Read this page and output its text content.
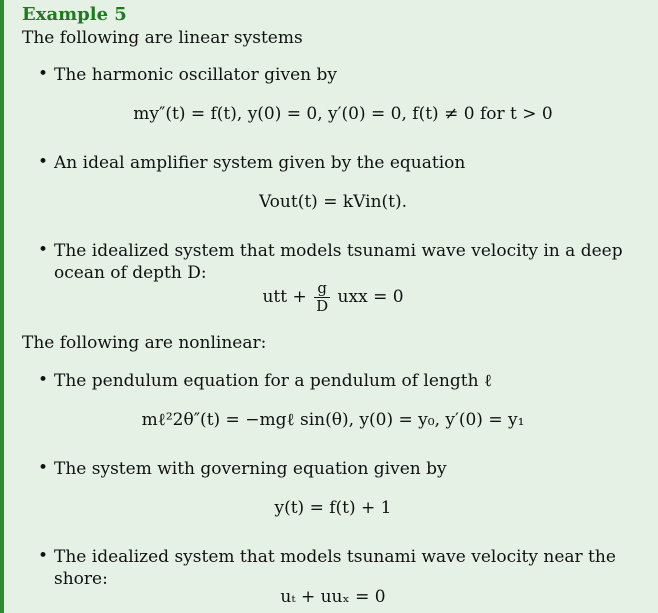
Example 5
The following are linear systems
• The harmonic oscillator given by
my″(t) = f(t), y(0) = 0, y′(0) = 0, f(t) ≠ 0 for t > 0
• An ideal amplifier system given by the equation
Vout(t) = kVin(t).
• The idealized system that models tsunami wave velocity in a deep ocean of depth D:
utt + $\frac{g}{D}$ uxx = 0
The following are nonlinear:
• The pendulum equation for a pendulum of length ℓ
mℓ²2θ″(t) = −mgℓ sin(θ), y(0) = y₀, y′(0) = y₁
• The system with governing equation given by
y(t) = f(t) + 1
• The idealized system that models tsunami wave velocity near the shore:
uₜ + uuₓ = 0
